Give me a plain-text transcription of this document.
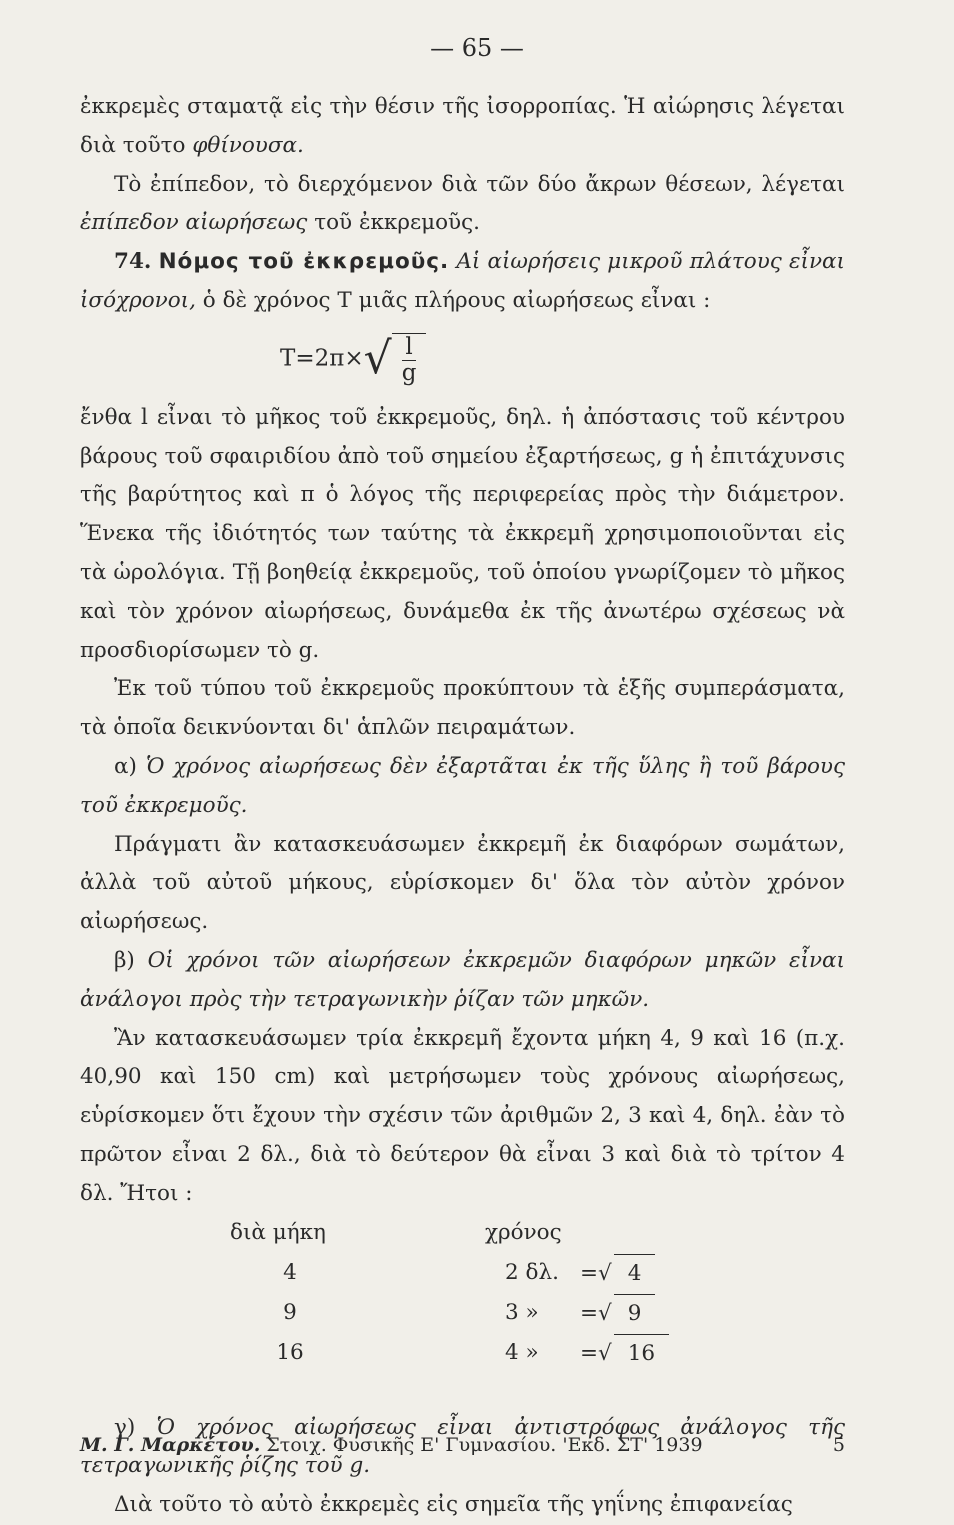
— 65 —

ἐκκρεμὲς σταματᾷ εἰς τὴν θέσιν τῆς ἰσορροπίας. Ἡ αἰώρησις λέγεται διὰ τοῦτο φθίνουσα.

Τὸ ἐπίπεδον, τὸ διερχόμενον διὰ τῶν δύο ἄκρων θέσεων, λέγεται ἐπίπεδον αἰωρήσεως τοῦ ἐκκρεμοῦς.

74. Νόμος τοῦ ἐκκρεμοῦς. Αἱ αἰωρήσεις μικροῦ πλάτους εἶναι ἰσόχρονοι, ὁ δὲ χρόνος Τ μιᾶς πλήρους αἰωρήσεως εἶναι :

$T=2\pi\times√ \frac{l}{g}$

ἔνθα l εἶναι τὸ μῆκος τοῦ ἐκκρεμοῦς, δηλ. ἡ ἀπόστασις τοῦ κέντρου βάρους τοῦ σφαιριδίου ἀπὸ τοῦ σημείου ἐξαρτήσεως, g ἡ ἐπιτάχυνσις τῆς βαρύτητος καὶ π ὁ λόγος τῆς περιφερείας πρὸς τὴν διάμετρον. Ἕνεκα τῆς ἰδιότητός των ταύτης τὰ ἐκκρεμῆ χρησιμοποιοῦνται εἰς τὰ ὡρολόγια. Τῇ βοηθείᾳ ἐκκρεμοῦς, τοῦ ὁποίου γνωρίζομεν τὸ μῆκος καὶ τὸν χρόνον αἰωρήσεως, δυνάμεθα ἐκ τῆς ἀνωτέρω σχέσεως νὰ προσδιορίσωμεν τὸ g.

Ἐκ τοῦ τύπου τοῦ ἐκκρεμοῦς προκύπτουν τὰ ἑξῆς συμπεράσματα, τὰ ὁποῖα δεικνύονται δι' ἁπλῶν πειραμάτων.

α) Ὁ χρόνος αἰωρήσεως δὲν ἐξαρτᾶται ἐκ τῆς ὕλης ἢ τοῦ βάρους τοῦ ἐκκρεμοῦς.

Πράγματι ἂν κατασκευάσωμεν ἐκκρεμῆ ἐκ διαφόρων σωμάτων, ἀλλὰ τοῦ αὐτοῦ μήκους, εὑρίσκομεν δι' ὅλα τὸν αὐτὸν χρόνον αἰωρήσεως.

β) Οἱ χρόνοι τῶν αἰωρήσεων ἐκκρεμῶν διαφόρων μηκῶν εἶναι ἀνάλογοι πρὸς τὴν τετραγωνικὴν ῥίζαν τῶν μηκῶν.

Ἂν κατασκευάσωμεν τρία ἐκκρεμῆ ἔχοντα μήκη 4, 9 καὶ 16 (π.χ. 40,90 καὶ 150 cm) καὶ μετρήσωμεν τοὺς χρόνους αἰωρήσεως, εὑρίσκομεν ὅτι ἔχουν τὴν σχέσιν τῶν ἀριθμῶν 2, 3 καὶ 4, δηλ. ἐὰν τὸ πρῶτον εἶναι 2 δλ., διὰ τὸ δεύτερον θὰ εἶναι 3 καὶ διὰ τὸ τρίτον 4 δλ. Ἤτοι :

διὰ μήκη	χρόνος
4	2 δλ. =√ 4
9	3 » =√ 9
16	4 » =√ 16

γ) Ὁ χρόνος αἰωρήσεως εἶναι ἀντιστρόφως ἀνάλογος τῆς τετραγωνικῆς ῥίζης τοῦ g.

Διὰ τοῦτο τὸ αὐτὸ ἐκκρεμὲς εἰς σημεῖα τῆς γηΐνης ἐπιφανείας

Μ. Γ. Μαρκέτου. Στοιχ. Φυσικῆς Ε' Γυμνασίου. 'Εκδ. ΣΤ' 1939	5
